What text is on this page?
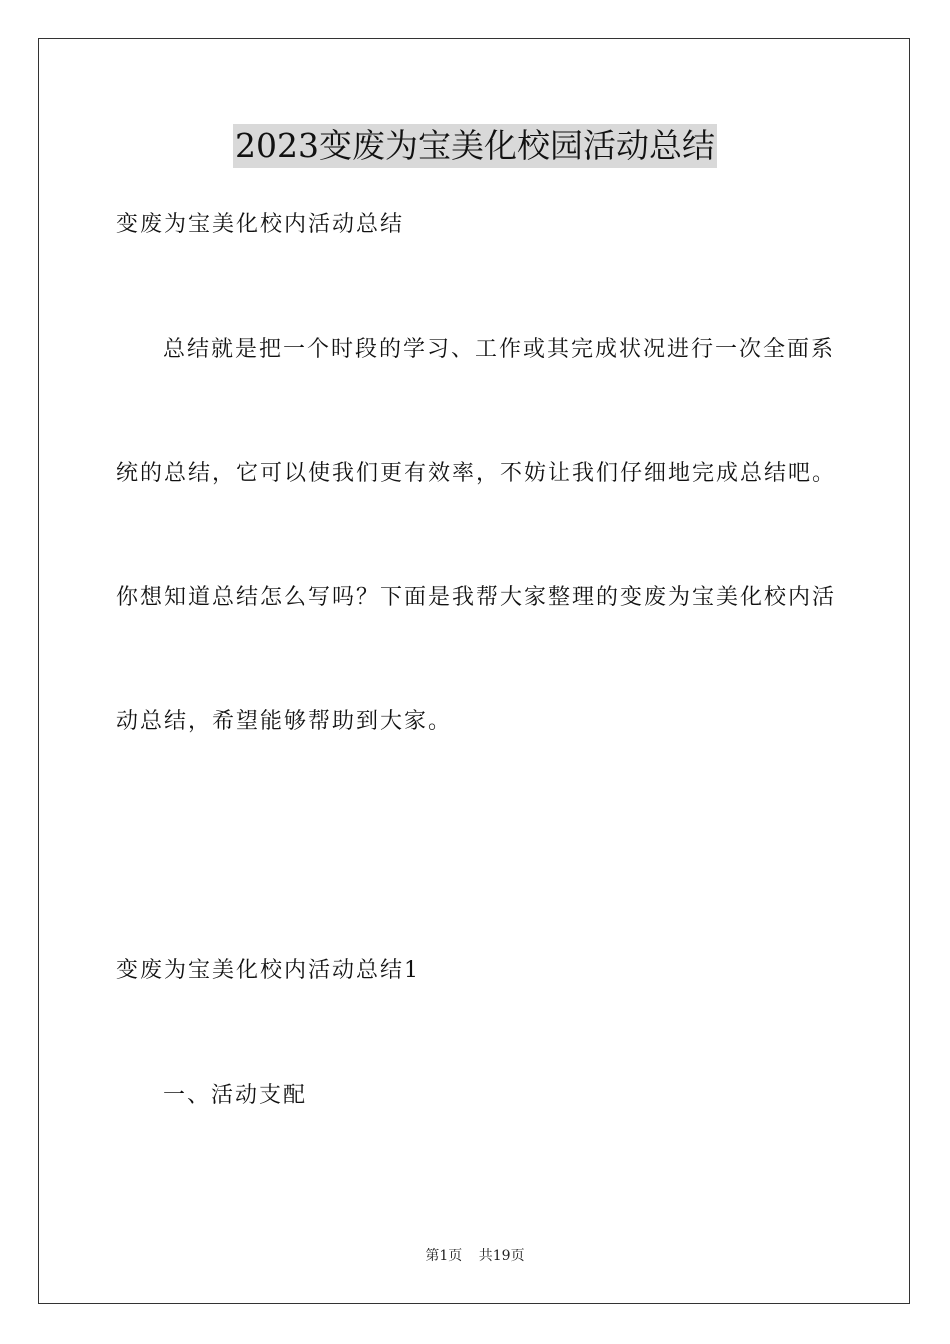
2023变废为宝美化校园活动总结
变废为宝美化校内活动总结
总结就是把一个时段的学习、工作或其完成状况进行一次全面系
统的总结，它可以使我们更有效率，不妨让我们仔细地完成总结吧。
你想知道总结怎么写吗？下面是我帮大家整理的变废为宝美化校内活
动总结，希望能够帮助到大家。
变废为宝美化校内活动总结1
一、活动支配
第1页 共19页
